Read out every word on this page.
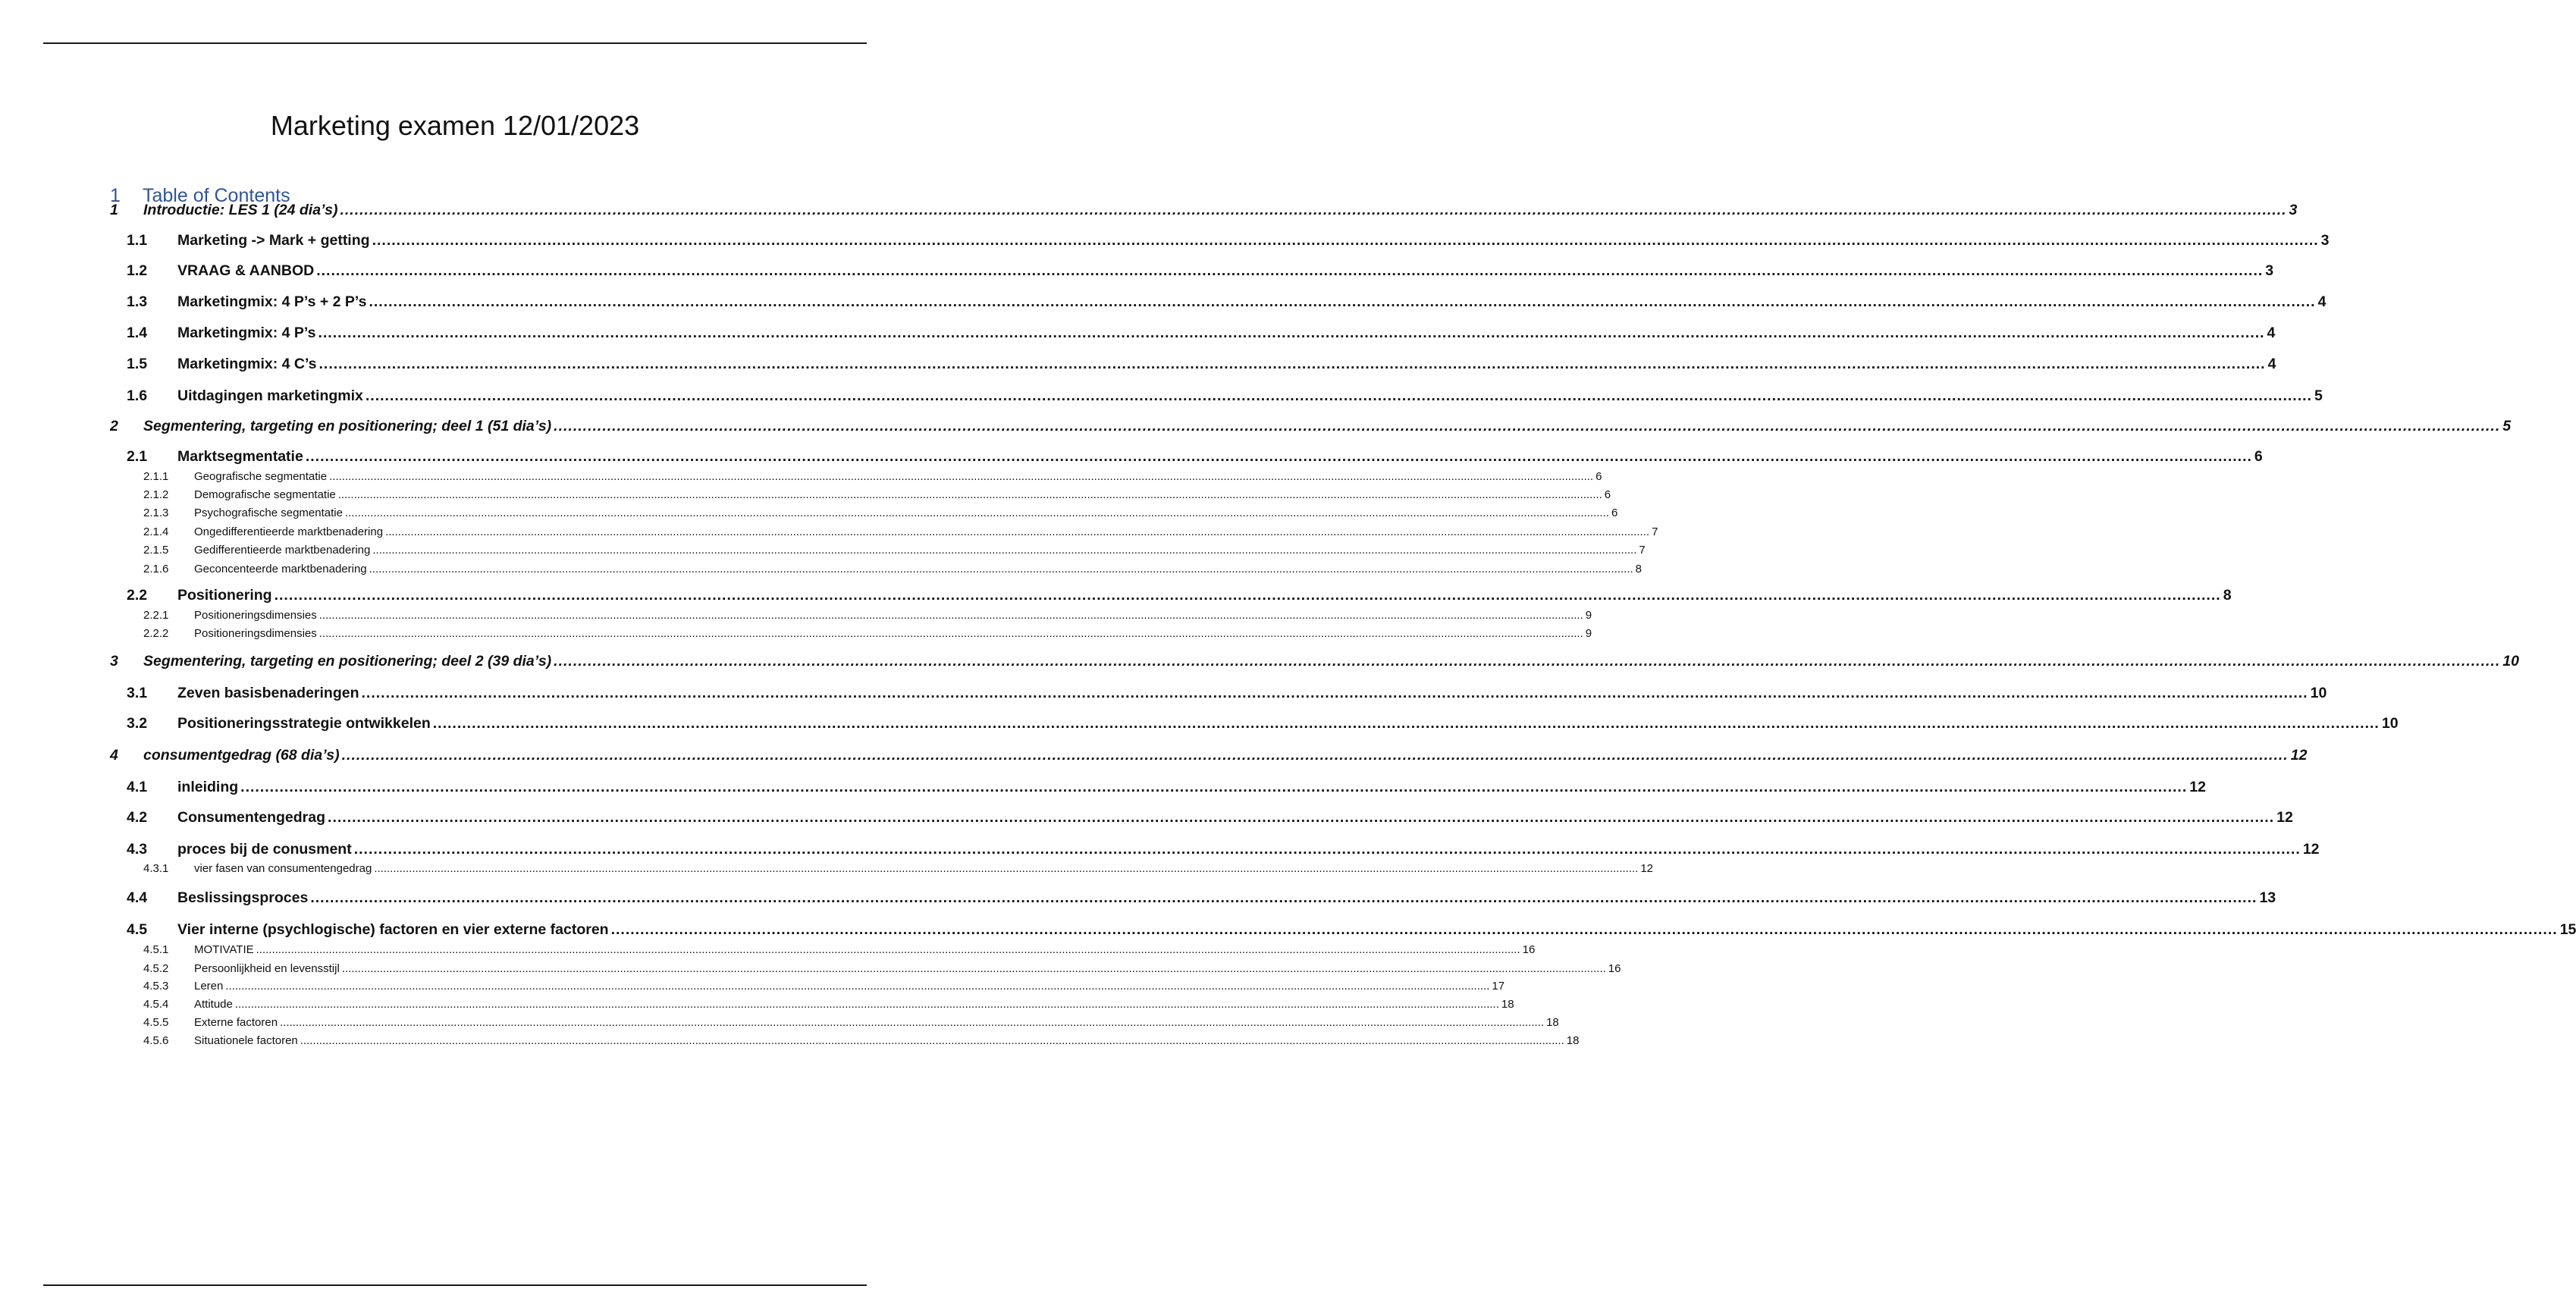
Marketing examen 12/01/2023
1 Table of Contents
1	Introductie: LES 1 (24 dia’s) ................................................................................................................................................................................................................................................................................................................................................................................................................ 3
1.1	Marketing -> Mark + getting ................................................................................................................................................................................................................................................................................................................................................................................................................ 3
1.2	VRAAG & AANBOD ................................................................................................................................................................................................................................................................................................................................................................................................................ 3
1.3	Marketingmix: 4 P’s + 2 P’s ................................................................................................................................................................................................................................................................................................................................................................................................................ 4
1.4	Marketingmix: 4 P’s ................................................................................................................................................................................................................................................................................................................................................................................................................ 4
1.5	Marketingmix: 4 C’s ................................................................................................................................................................................................................................................................................................................................................................................................................ 4
1.6	Uitdagingen marketingmix ................................................................................................................................................................................................................................................................................................................................................................................................................ 5
2	Segmentering, targeting en positionering; deel 1 (51 dia’s) ................................................................................................................................................................................................................................................................................................................................................................................................................ 5
2.1	Marktsegmentatie ................................................................................................................................................................................................................................................................................................................................................................................................................ 6
2.1.1	Geografische segmentatie ................................................................................................................................................................................................................................................................................................................................................................................................................ 6
2.1.2	Demografische segmentatie ................................................................................................................................................................................................................................................................................................................................................................................................................ 6
2.1.3	Psychografische segmentatie ................................................................................................................................................................................................................................................................................................................................................................................................................ 6
2.1.4	Ongedifferentieerde marktbenadering ................................................................................................................................................................................................................................................................................................................................................................................................................ 7
2.1.5	Gedifferentieerde marktbenadering ................................................................................................................................................................................................................................................................................................................................................................................................................ 7
2.1.6	Geconcenteerde marktbenadering ................................................................................................................................................................................................................................................................................................................................................................................................................ 8
2.2	Positionering ................................................................................................................................................................................................................................................................................................................................................................................................................ 8
2.2.1	Positioneringsdimensies ................................................................................................................................................................................................................................................................................................................................................................................................................ 9
2.2.2	Positioneringsdimensies ................................................................................................................................................................................................................................................................................................................................................................................................................ 9
3	Segmentering, targeting en positionering; deel 2 (39 dia’s) ................................................................................................................................................................................................................................................................................................................................................................................................................ 10
3.1	Zeven basisbenaderingen ................................................................................................................................................................................................................................................................................................................................................................................................................ 10
3.2	Positioneringsstrategie ontwikkelen ................................................................................................................................................................................................................................................................................................................................................................................................................ 10
4	consumentgedrag (68 dia’s) ................................................................................................................................................................................................................................................................................................................................................................................................................ 12
4.1	inleiding ................................................................................................................................................................................................................................................................................................................................................................................................................ 12
4.2	Consumentengedrag ................................................................................................................................................................................................................................................................................................................................................................................................................ 12
4.3	proces bij de conusment ................................................................................................................................................................................................................................................................................................................................................................................................................ 12
4.3.1	vier fasen van consumentengedrag ................................................................................................................................................................................................................................................................................................................................................................................................................ 12
4.4	Beslissingsproces ................................................................................................................................................................................................................................................................................................................................................................................................................ 13
4.5	Vier interne (psychlogische) factoren en vier externe factoren ................................................................................................................................................................................................................................................................................................................................................................................................................ 15
4.5.1	MOTIVATIE ................................................................................................................................................................................................................................................................................................................................................................................................................ 16
4.5.2	Persoonlijkheid en levensstijl ................................................................................................................................................................................................................................................................................................................................................................................................................ 16
4.5.3	Leren ................................................................................................................................................................................................................................................................................................................................................................................................................ 17
4.5.4	Attitude ................................................................................................................................................................................................................................................................................................................................................................................................................ 18
4.5.5	Externe factoren ................................................................................................................................................................................................................................................................................................................................................................................................................ 18
4.5.6	Situationele factoren ................................................................................................................................................................................................................................................................................................................................................................................................................ 18
